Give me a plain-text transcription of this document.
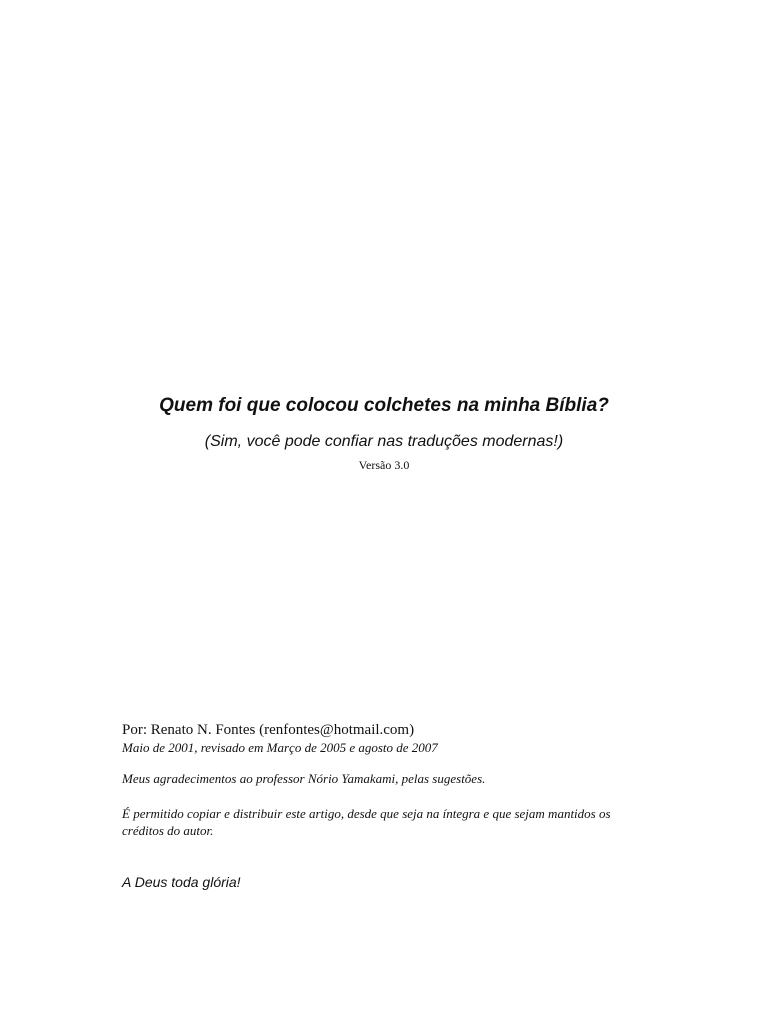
Quem foi que colocou colchetes na minha Bíblia?

(Sim, você pode confiar nas traduções modernas!)

Versão 3.0

Por: Renato N. Fontes (renfontes@hotmail.com)

Maio de 2001, revisado em Março de 2005 e agosto de 2007

Meus agradecimentos ao professor Nório Yamakami, pelas sugestões.

É permitido copiar e distribuir este artigo, desde que seja na íntegra e que sejam mantidos os créditos do autor.

A Deus toda glória!
